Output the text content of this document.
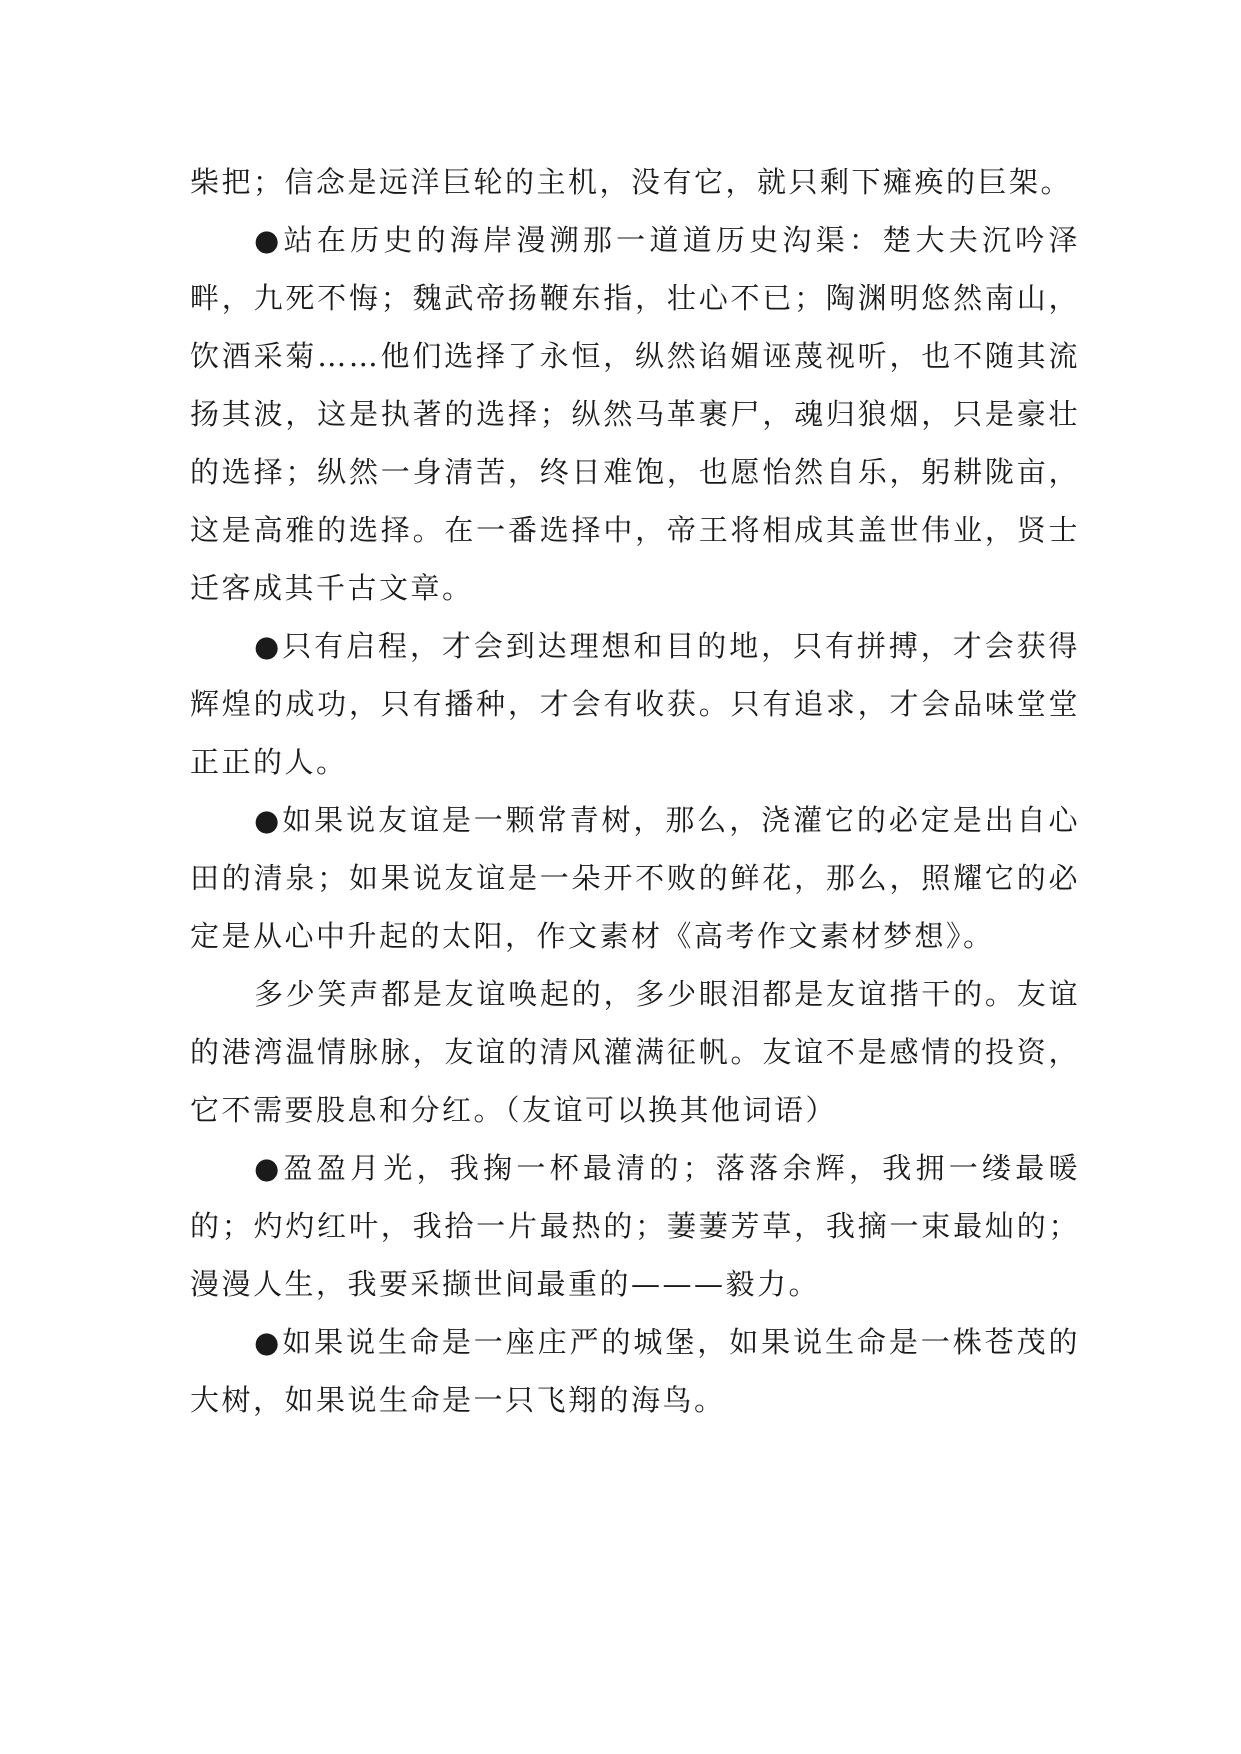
柴把；信念是远洋巨轮的主机，没有它，就只剩下瘫痪的巨架。

●站在历史的海岸漫溯那一道道历史沟渠：楚大夫沉吟泽畔，九死不悔；魏武帝扬鞭东指，壮心不已；陶渊明悠然南山，饮酒采菊……他们选择了永恒，纵然谄媚诬蔑视听，也不随其流扬其波，这是执著的选择；纵然马革裹尸，魂归狼烟，只是豪壮的选择；纵然一身清苦，终日难饱，也愿怡然自乐，躬耕陇亩，这是高雅的选择。在一番选择中，帝王将相成其盖世伟业，贤士迁客成其千古文章。

●只有启程，才会到达理想和目的地，只有拼搏，才会获得辉煌的成功，只有播种，才会有收获。只有追求，才会品味堂堂正正的人。

●如果说友谊是一颗常青树，那么，浇灌它的必定是出自心田的清泉；如果说友谊是一朵开不败的鲜花，那么，照耀它的必定是从心中升起的太阳，作文素材《高考作文素材梦想》。

多少笑声都是友谊唤起的，多少眼泪都是友谊揩干的。友谊的港湾温情脉脉，友谊的清风灌满征帆。友谊不是感情的投资，它不需要股息和分红。（友谊可以换其他词语）

●盈盈月光，我掬一杯最清的；落落余辉，我拥一缕最暖的；灼灼红叶，我拾一片最热的；萋萋芳草，我摘一束最灿的；漫漫人生，我要采撷世间最重的———毅力。

●如果说生命是一座庄严的城堡，如果说生命是一株苍茂的大树，如果说生命是一只飞翔的海鸟。
